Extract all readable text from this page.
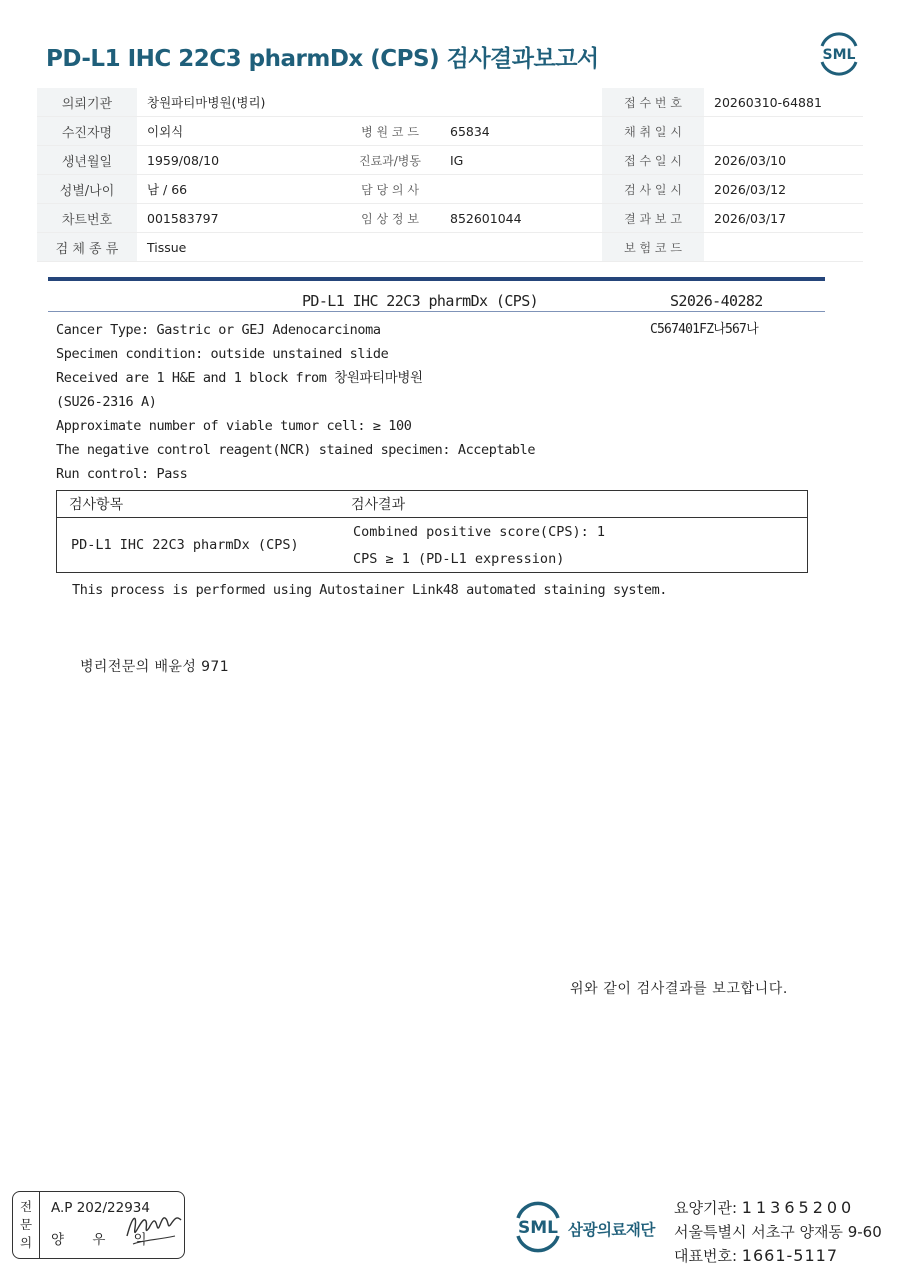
PD-L1 IHC 22C3 pharmDx (CPS) 검사결과보고서	SML
의뢰기관	창원파티마병원(병리)			접 수 번 호	20260310-64881
수진자명	이외식	병 원 코 드	65834	채 취 일 시	
생년월일	1959/08/10	진료과/병동	IG	접 수 일 시	2026/03/10
성별/나이	남 / 66	담 당 의 사		검 사 일 시	2026/03/12
차트번호	001583797	임 상 정 보	852601044	결 과 보 고	2026/03/17
검 체 종 류	Tissue			보 험 코 드	
PD-L1 IHC 22C3 pharmDx (CPS)	S2026-40282
C567401FZ나567나
Cancer Type: Gastric or GEJ Adenocarcinoma
Specimen condition: outside unstained slide
Received are 1 H&E and 1 block from 창원파티마병원
(SU26-2316 A)
Approximate number of viable tumor cell: ≥ 100
The negative control reagent(NCR) stained specimen: Acceptable
Run control: Pass
검사항목	검사결과
PD-L1 IHC 22C3 pharmDx (CPS)	Combined positive score(CPS): 1
	CPS ≥ 1 (PD-L1 expression)
This process is performed using Autostainer Link48 automated staining system.
병리전문의 배윤성 971
위와 같이 검사결과를 보고합니다.
전
문
의
A.P 202/22934
양 우 익
SML 삼광의료재단
요양기관: 11365200
서울특별시 서초구 양재동 9-60
대표번호: 1661-5117
